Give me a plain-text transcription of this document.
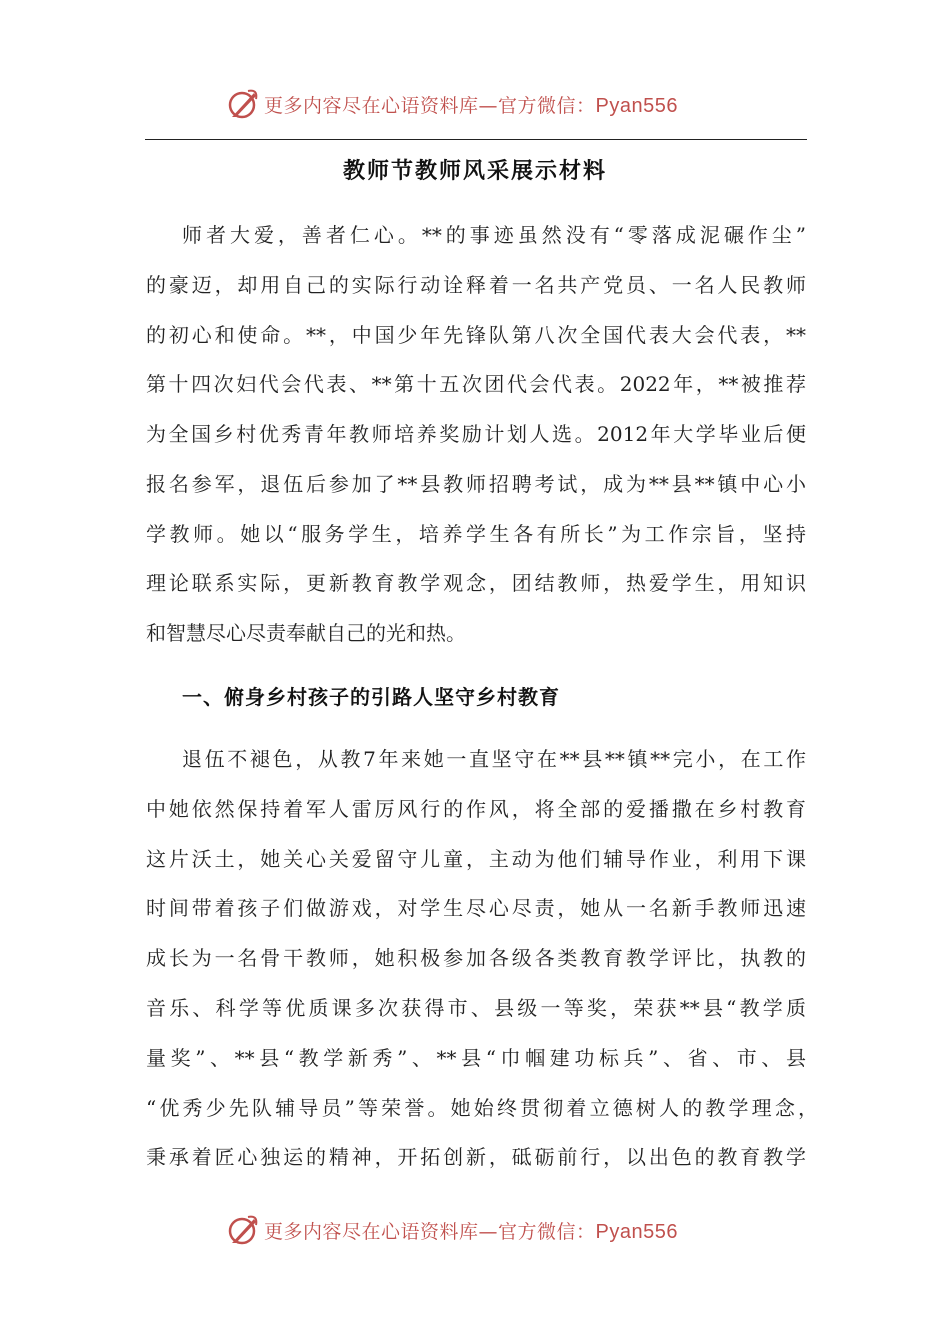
更多内容尽在心语资料库—官方微信：Pyan556
教师节教师风采展示材料
师者大爱，善者仁心。**的事迹虽然没有“零落成泥碾作尘”
的豪迈，却用自己的实际行动诠释着一名共产党员、一名人民教师
的初心和使命。**，中国少年先锋队第八次全国代表大会代表，**
第十四次妇代会代表、**第十五次团代会代表。2022年，**被推荐
为全国乡村优秀青年教师培养奖励计划人选。2012年大学毕业后便
报名参军，退伍后参加了**县教师招聘考试，成为**县**镇中心小
学教师。她以“服务学生，培养学生各有所长”为工作宗旨，坚持
理论联系实际，更新教育教学观念，团结教师，热爱学生，用知识
和智慧尽心尽责奉献自己的光和热。
一、俯身乡村孩子的引路人坚守乡村教育
退伍不褪色，从教7年来她一直坚守在**县**镇**完小，在工作
中她依然保持着军人雷厉风行的作风，将全部的爱播撒在乡村教育
这片沃土，她关心关爱留守儿童，主动为他们辅导作业，利用下课
时间带着孩子们做游戏，对学生尽心尽责，她从一名新手教师迅速
成长为一名骨干教师，她积极参加各级各类教育教学评比，执教的
音乐、科学等优质课多次获得市、县级一等奖，荣获**县“教学质
量奖”、**县“教学新秀”、**县“巾帼建功标兵”、省、市、县
“优秀少先队辅导员”等荣誉。她始终贯彻着立德树人的教学理念，
秉承着匠心独运的精神，开拓创新，砥砺前行，以出色的教育教学
更多内容尽在心语资料库—官方微信：Pyan556
